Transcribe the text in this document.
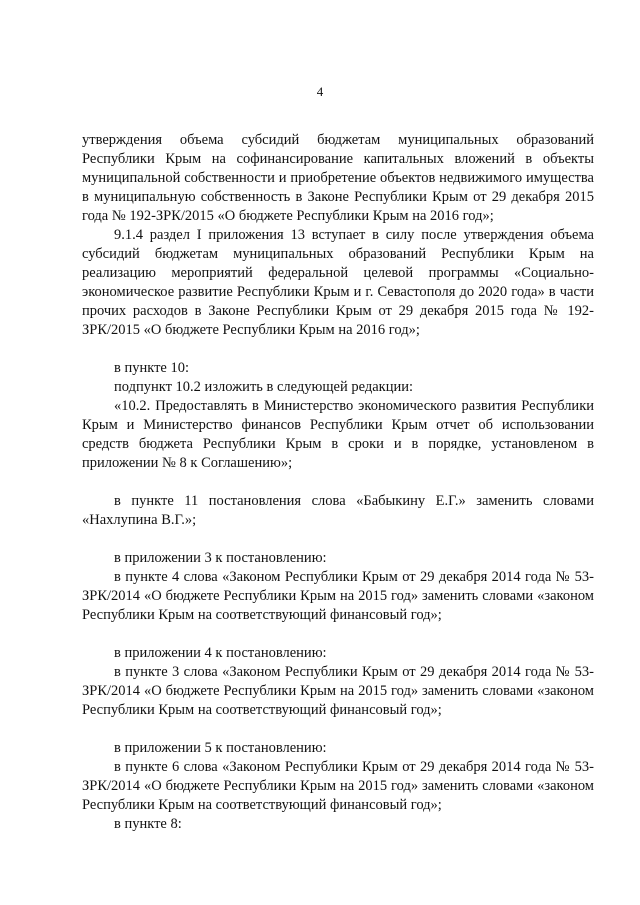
4

утверждения объема субсидий бюджетам муниципальных образований Республики Крым на софинансирование капитальных вложений в объекты муниципальной собственности и приобретение объектов недвижимого имущества в муниципальную собственность в Законе Республики Крым от 29 декабря 2015 года № 192-ЗРК/2015 «О бюджете Республики Крым на 2016 год»;

9.1.4 раздел I приложения 13 вступает в силу после утверждения объема субсидий бюджетам муниципальных образований Республики Крым на реализацию мероприятий федеральной целевой программы «Социально-экономическое развитие Республики Крым и г. Севастополя до 2020 года» в части прочих расходов в Законе Республики Крым от 29 декабря 2015 года № 192-ЗРК/2015 «О бюджете Республики Крым на 2016 год»;

в пункте 10:

подпункт 10.2 изложить в следующей редакции:

«10.2. Предоставлять в Министерство экономического развития Республики Крым и Министерство финансов Республики Крым отчет об использовании средств бюджета Республики Крым в сроки и в порядке, установленом в приложении № 8 к Соглашению»;

в пункте 11 постановления слова «Бабыкину Е.Г.» заменить словами «Нахлупина В.Г.»;

в приложении 3 к постановлению:

в пункте 4 слова «Законом Республики Крым от 29 декабря 2014 года № 53-ЗРК/2014 «О бюджете Республики Крым на 2015 год» заменить словами «законом Республики Крым на соответствующий финансовый год»;

в приложении 4 к постановлению:

в пункте 3 слова «Законом Республики Крым от 29 декабря 2014 года № 53-ЗРК/2014 «О бюджете Республики Крым на 2015 год» заменить словами «законом Республики Крым на соответствующий финансовый год»;

в приложении 5 к постановлению:

в пункте 6 слова «Законом Республики Крым от 29 декабря 2014 года № 53-ЗРК/2014 «О бюджете Республики Крым на 2015 год» заменить словами «законом Республики Крым на соответствующий финансовый год»;

в пункте 8:
